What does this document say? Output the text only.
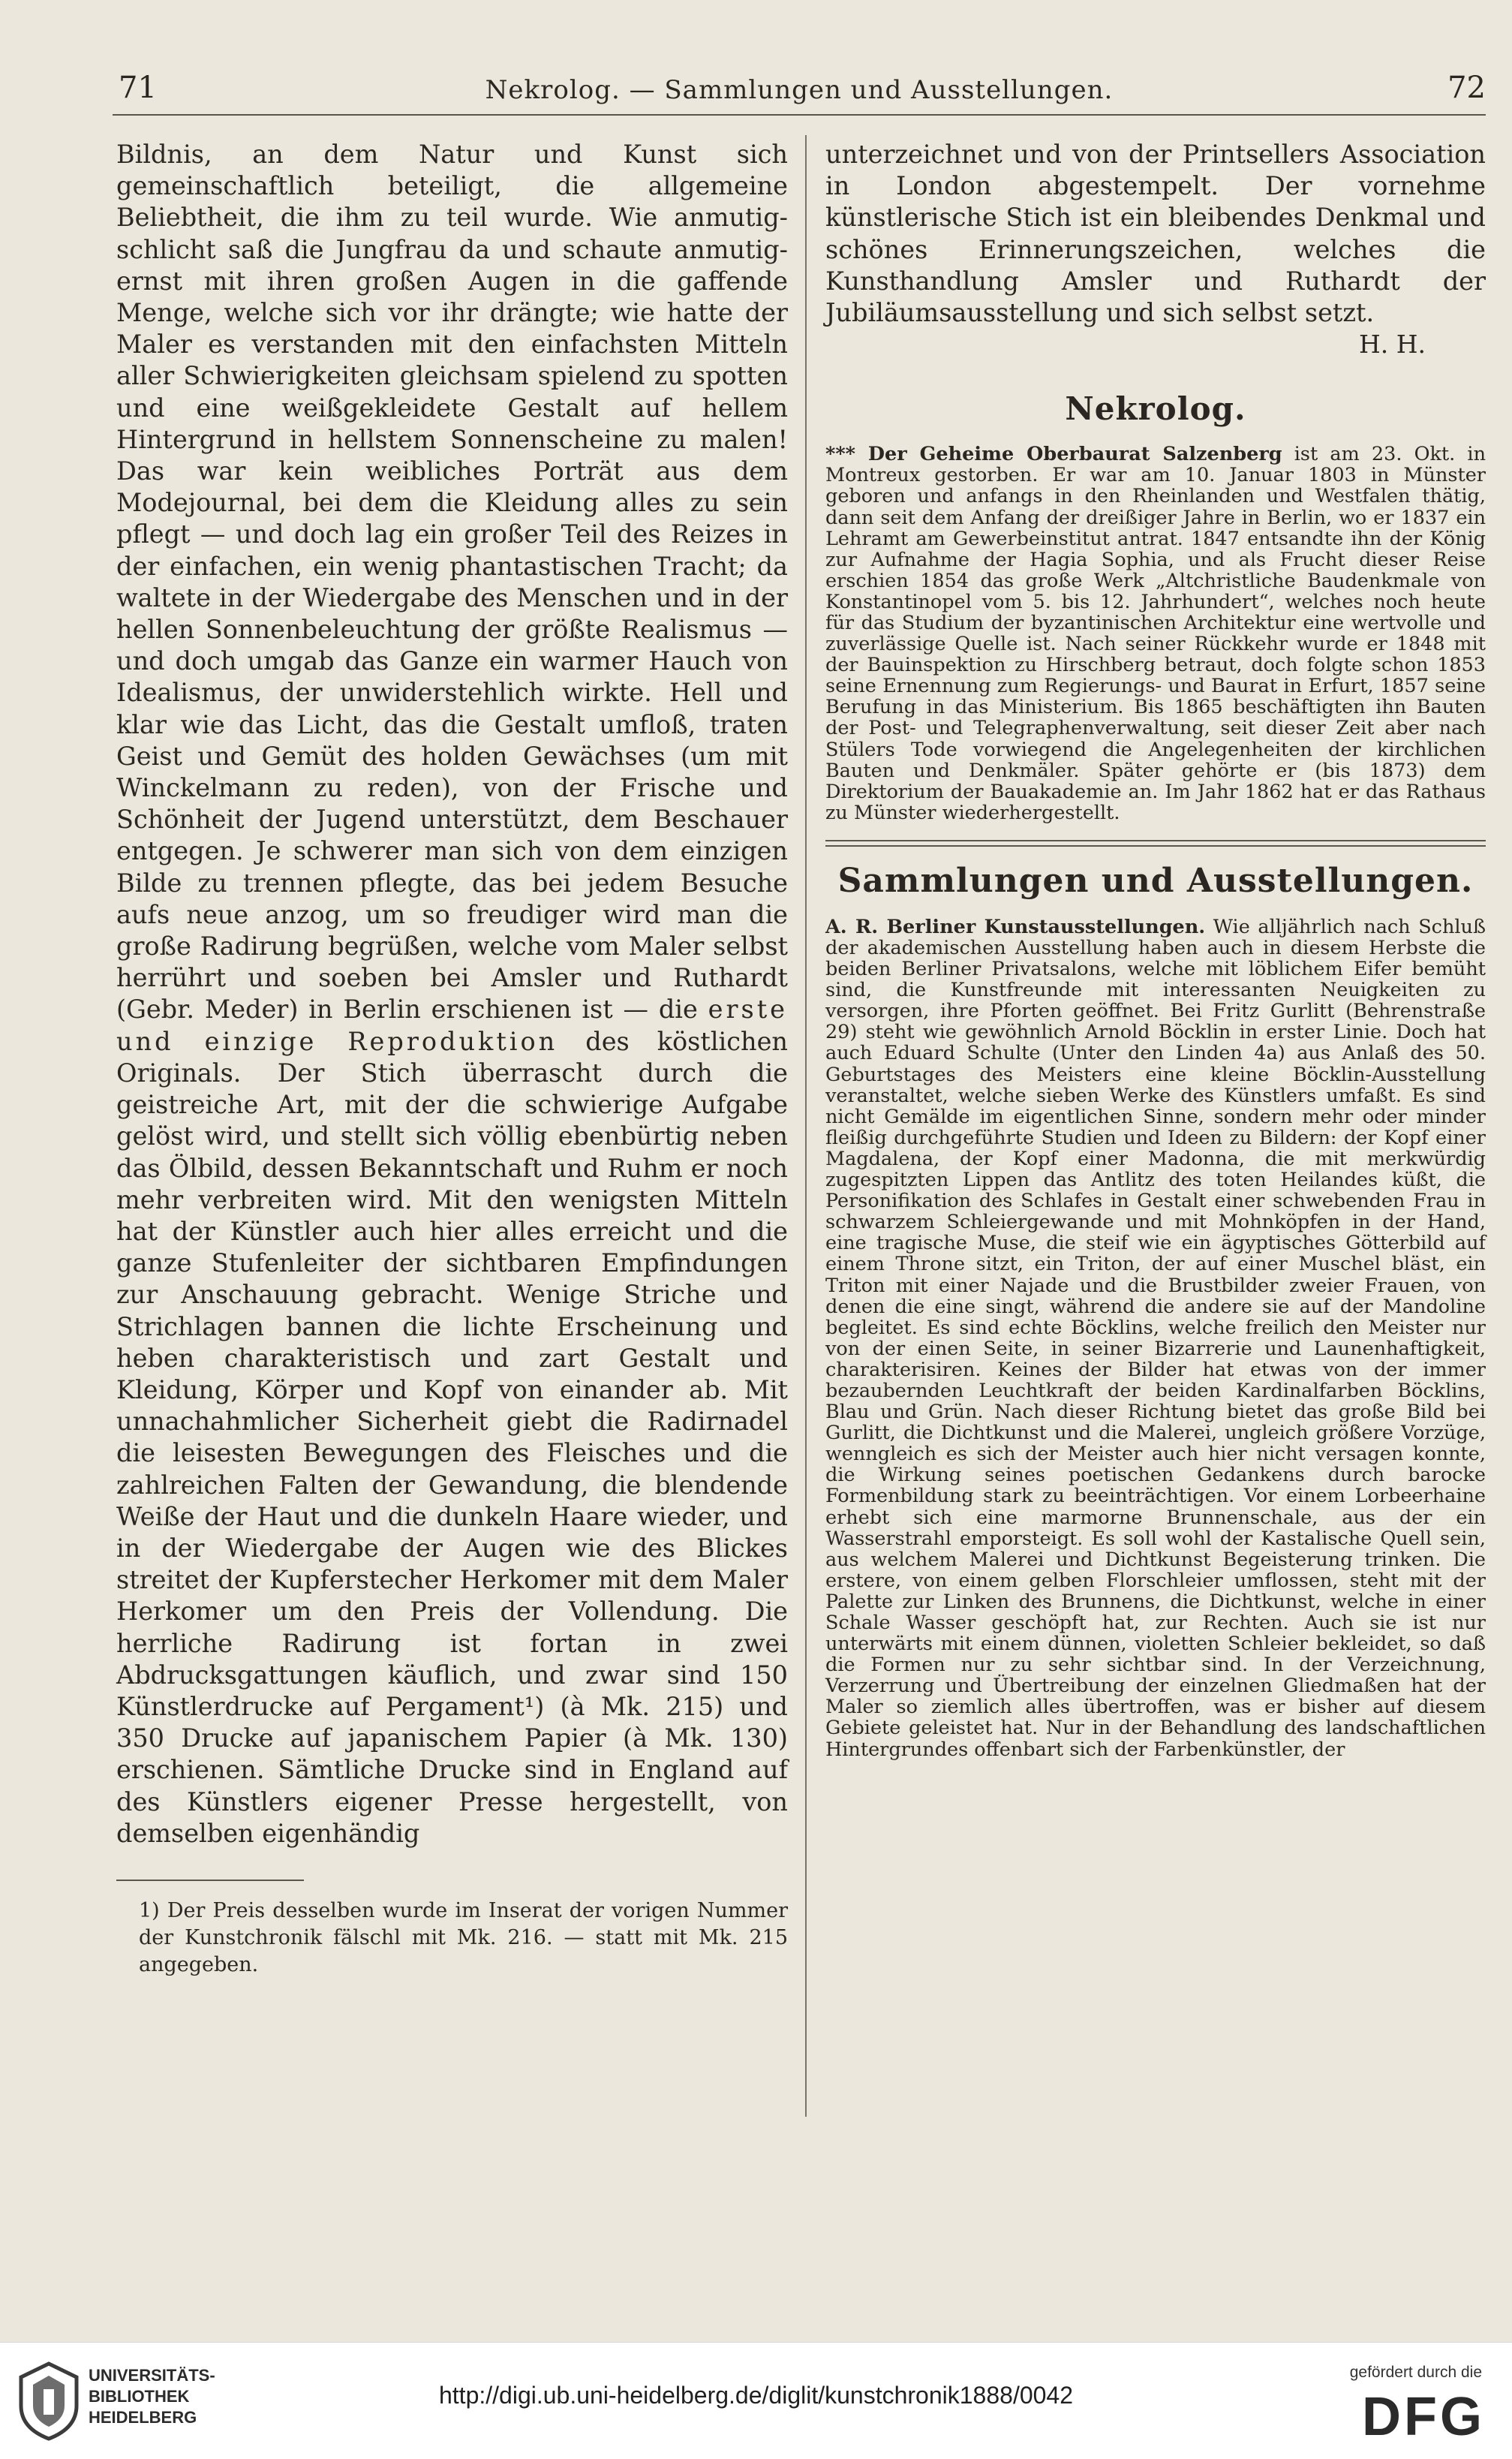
71	Nekrolog. — Sammlungen und Ausstellungen.	72

Bildnis, an dem Natur und Kunst sich gemeinschaftlich beteiligt, die allgemeine Beliebtheit, die ihm zu teil wurde. Wie anmutig-schlicht saß die Jungfrau da und schaute anmutig-ernst mit ihren großen Augen in die gaffende Menge, welche sich vor ihr drängte; wie hatte der Maler es verstanden mit den einfachsten Mitteln aller Schwierigkeiten gleichsam spielend zu spotten und eine weißgekleidete Gestalt auf hellem Hintergrund in hellstem Sonnenscheine zu malen! Das war kein weibliches Porträt aus dem Modejournal, bei dem die Kleidung alles zu sein pflegt — und doch lag ein großer Teil des Reizes in der einfachen, ein wenig phantastischen Tracht; da waltete in der Wiedergabe des Menschen und in der hellen Sonnenbeleuchtung der größte Realismus — und doch umgab das Ganze ein warmer Hauch von Idealismus, der unwiderstehlich wirkte. Hell und klar wie das Licht, das die Gestalt umfloß, traten Geist und Gemüt des holden Gewächses (um mit Winckelmann zu reden), von der Frische und Schönheit der Jugend unterstützt, dem Beschauer entgegen. Je schwerer man sich von dem einzigen Bilde zu trennen pflegte, das bei jedem Besuche aufs neue anzog, um so freudiger wird man die große Radirung begrüßen, welche vom Maler selbst herrührt und soeben bei Amsler und Ruthardt (Gebr. Meder) in Berlin erschienen ist — die erste und einzige Reproduktion des köstlichen Originals. Der Stich überrascht durch die geistreiche Art, mit der die schwierige Aufgabe gelöst wird, und stellt sich völlig ebenbürtig neben das Ölbild, dessen Bekanntschaft und Ruhm er noch mehr verbreiten wird. Mit den wenigsten Mitteln hat der Künstler auch hier alles erreicht und die ganze Stufenleiter der sichtbaren Empfindungen zur Anschauung gebracht. Wenige Striche und Strichlagen bannen die lichte Erscheinung und heben charakteristisch und zart Gestalt und Kleidung, Körper und Kopf von einander ab. Mit unnachahmlicher Sicherheit giebt die Radirnadel die leisesten Bewegungen des Fleisches und die zahlreichen Falten der Gewandung, die blendende Weiße der Haut und die dunkeln Haare wieder, und in der Wiedergabe der Augen wie des Blickes streitet der Kupferstecher Herkomer mit dem Maler Herkomer um den Preis der Vollendung. Die herrliche Radirung ist fortan in zwei Abdrucksgattungen käuflich, und zwar sind 150 Künstlerdrucke auf Pergament¹) (à Mk. 215) und 350 Drucke auf japanischem Papier (à Mk. 130) erschienen. Sämtliche Drucke sind in England auf des Künstlers eigener Presse hergestellt, von demselben eigenhändig

1) Der Preis desselben wurde im Inserat der vorigen Nummer der Kunstchronik fälschl mit Mk. 216. — statt mit Mk. 215 angegeben.

unterzeichnet und von der Printsellers Association in London abgestempelt. Der vornehme künstlerische Stich ist ein bleibendes Denkmal und schönes Erinnerungszeichen, welches die Kunsthandlung Amsler und Ruthardt der Jubiläumsausstellung und sich selbst setzt.

H. H.
Nekrolog.

*** Der Geheime Oberbaurat Salzenberg ist am 23. Okt. in Montreux gestorben. Er war am 10. Januar 1803 in Münster geboren und anfangs in den Rheinlanden und Westfalen thätig, dann seit dem Anfang der dreißiger Jahre in Berlin, wo er 1837 ein Lehramt am Gewerbeinstitut antrat. 1847 entsandte ihn der König zur Aufnahme der Hagia Sophia, und als Frucht dieser Reise erschien 1854 das große Werk „Altchristliche Baudenkmale von Konstantinopel vom 5. bis 12. Jahrhundert“, welches noch heute für das Studium der byzantinischen Architektur eine wertvolle und zuverlässige Quelle ist. Nach seiner Rückkehr wurde er 1848 mit der Bauinspektion zu Hirschberg betraut, doch folgte schon 1853 seine Ernennung zum Regierungs- und Baurat in Erfurt, 1857 seine Berufung in das Ministerium. Bis 1865 beschäftigten ihn Bauten der Post- und Telegraphenverwaltung, seit dieser Zeit aber nach Stülers Tode vorwiegend die Angelegenheiten der kirchlichen Bauten und Denkmäler. Später gehörte er (bis 1873) dem Direktorium der Bauakademie an. Im Jahr 1862 hat er das Rathaus zu Münster wiederhergestellt.

Sammlungen und Ausstellungen.

A. R. Berliner Kunstausstellungen. Wie alljährlich nach Schluß der akademischen Ausstellung haben auch in diesem Herbste die beiden Berliner Privatsalons, welche mit löblichem Eifer bemüht sind, die Kunstfreunde mit interessanten Neuigkeiten zu versorgen, ihre Pforten geöffnet. Bei Fritz Gurlitt (Behrenstraße 29) steht wie gewöhnlich Arnold Böcklin in erster Linie. Doch hat auch Eduard Schulte (Unter den Linden 4a) aus Anlaß des 50. Geburtstages des Meisters eine kleine Böcklin-Ausstellung veranstaltet, welche sieben Werke des Künstlers umfaßt. Es sind nicht Gemälde im eigentlichen Sinne, sondern mehr oder minder fleißig durchgeführte Studien und Ideen zu Bildern: der Kopf einer Magdalena, der Kopf einer Madonna, die mit merkwürdig zugespitzten Lippen das Antlitz des toten Heilandes küßt, die Personifikation des Schlafes in Gestalt einer schwebenden Frau in schwarzem Schleiergewande und mit Mohnköpfen in der Hand, eine tragische Muse, die steif wie ein ägyptisches Götterbild auf einem Throne sitzt, ein Triton, der auf einer Muschel bläst, ein Triton mit einer Najade und die Brustbilder zweier Frauen, von denen die eine singt, während die andere sie auf der Mandoline begleitet. Es sind echte Böcklins, welche freilich den Meister nur von der einen Seite, in seiner Bizarrerie und Launenhaftigkeit, charakterisiren. Keines der Bilder hat etwas von der immer bezaubernden Leuchtkraft der beiden Kardinalfarben Böcklins, Blau und Grün. Nach dieser Richtung bietet das große Bild bei Gurlitt, die Dichtkunst und die Malerei, ungleich größere Vorzüge, wenngleich es sich der Meister auch hier nicht versagen konnte, die Wirkung seines poetischen Gedankens durch barocke Formenbildung stark zu beeinträchtigen. Vor einem Lorbeerhaine erhebt sich eine marmorne Brunnenschale, aus der ein Wasserstrahl emporsteigt. Es soll wohl der Kastalische Quell sein, aus welchem Malerei und Dichtkunst Begeisterung trinken. Die erstere, von einem gelben Florschleier umflossen, steht mit der Palette zur Linken des Brunnens, die Dichtkunst, welche in einer Schale Wasser geschöpft hat, zur Rechten. Auch sie ist nur unterwärts mit einem dünnen, violetten Schleier bekleidet, so daß die Formen nur zu sehr sichtbar sind. In der Verzeichnung, Verzerrung und Übertreibung der einzelnen Gliedmaßen hat der Maler so ziemlich alles übertroffen, was er bisher auf diesem Gebiete geleistet hat. Nur in der Behandlung des landschaftlichen Hintergrundes offenbart sich der Farbenkünstler, der

UNIVERSITÄTS-
BIBLIOTHEK
HEIDELBERG
http://digi.ub.uni-heidelberg.de/diglit/kunstchronik1888/0042
gefördert durch die
DFG
